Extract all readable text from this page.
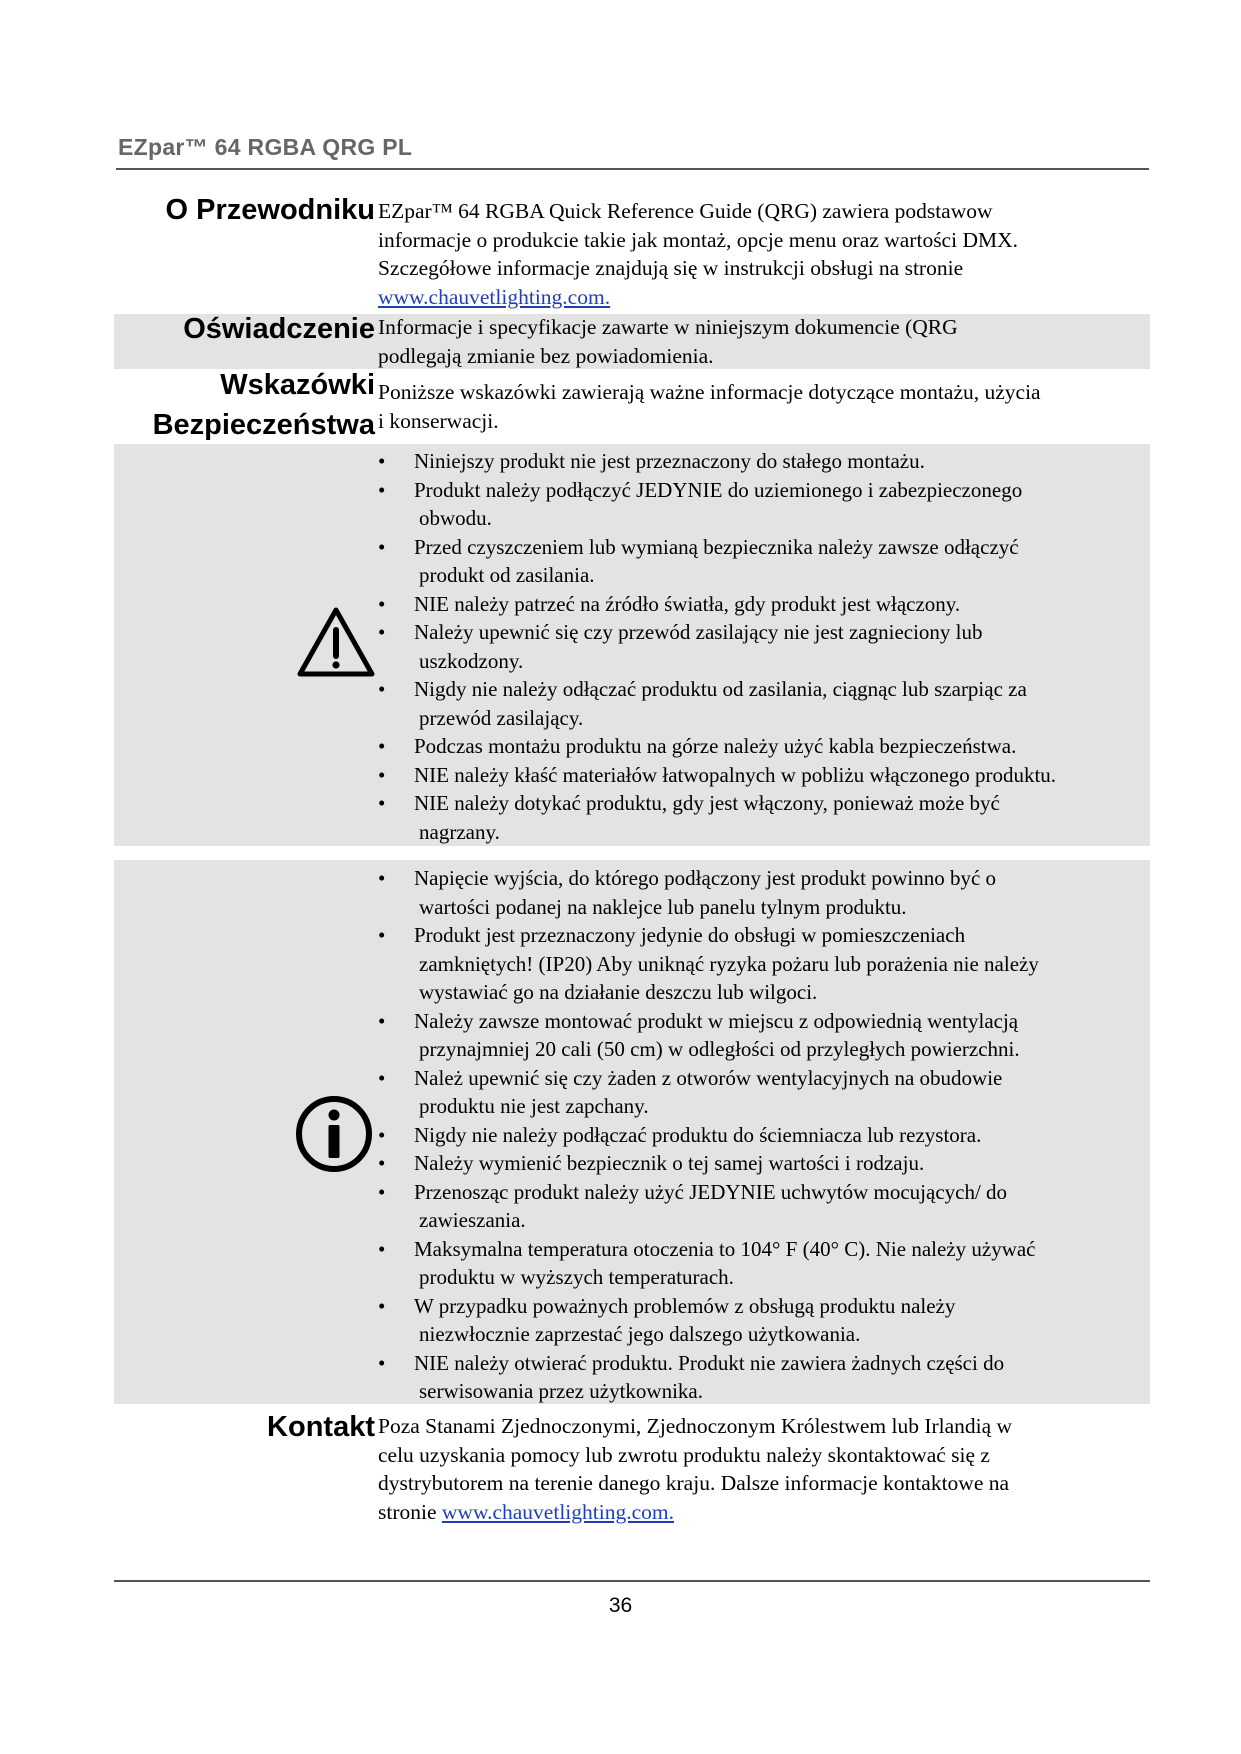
EZpar™ 64 RGBA QRG PL
O Przewodniku EZpar™ 64 RGBA Quick Reference Guide (QRG) zawiera podstawow
informacje o produkcie takie jak montaż, opcje menu oraz wartości DMX.
Szczegółowe informacje znajdują się w instrukcji obsługi na stronie
www.chauvetlighting.com.
Oświadczenie Informacje i specyfikacje zawarte w niniejszym dokumencie (QRG
podlegają zmianie bez powiadomienia.
Wskazówki
Bezpieczeństwa
Poniższe wskazówki zawierają ważne informacje dotyczące montażu, użycia
i konserwacji.
• Niniejszy produkt nie jest przeznaczony do stałego montażu.
• Produkt należy podłączyć JEDYNIE do uziemionego i zabezpieczonego
obwodu.
• Przed czyszczeniem lub wymianą bezpiecznika należy zawsze odłączyć
produkt od zasilania.
• NIE należy patrzeć na źródło światła, gdy produkt jest włączony.
• Należy upewnić się czy przewód zasilający nie jest zagnieciony lub
uszkodzony.
• Nigdy nie należy odłączać produktu od zasilania, ciągnąc lub szarpiąc za
przewód zasilający.
• Podczas montażu produktu na górze należy użyć kabla bezpieczeństwa.
• NIE należy kłaść materiałów łatwopalnych w pobliżu włączonego produktu.
• NIE należy dotykać produktu, gdy jest włączony, ponieważ może być
nagrzany.
• Napięcie wyjścia, do którego podłączony jest produkt powinno być o
wartości podanej na naklejce lub panelu tylnym produktu.
• Produkt jest przeznaczony jedynie do obsługi w pomieszczeniach
zamkniętych! (IP20) Aby uniknąć ryzyka pożaru lub porażenia nie należy
wystawiać go na działanie deszczu lub wilgoci.
• Należy zawsze montować produkt w miejscu z odpowiednią wentylacją
przynajmniej 20 cali (50 cm) w odległości od przyległych powierzchni.
• Należ upewnić się czy żaden z otworów wentylacyjnych na obudowie
produktu nie jest zapchany.
• Nigdy nie należy podłączać produktu do ściemniacza lub rezystora.
• Należy wymienić bezpiecznik o tej samej wartości i rodzaju.
• Przenosząc produkt należy użyć JEDYNIE uchwytów mocujących/ do
zawieszania.
• Maksymalna temperatura otoczenia to 104° F (40° C). Nie należy używać
produktu w wyższych temperaturach.
• W przypadku poważnych problemów z obsługą produktu należy
niezwłocznie zaprzestać jego dalszego użytkowania.
• NIE należy otwierać produktu. Produkt nie zawiera żadnych części do
serwisowania przez użytkownika.
Kontakt Poza Stanami Zjednoczonymi, Zjednoczonym Królestwem lub Irlandią w
celu uzyskania pomocy lub zwrotu produktu należy skontaktować się z
dystrybutorem na terenie danego kraju. Dalsze informacje kontaktowe na
stronie www.chauvetlighting.com.
36
